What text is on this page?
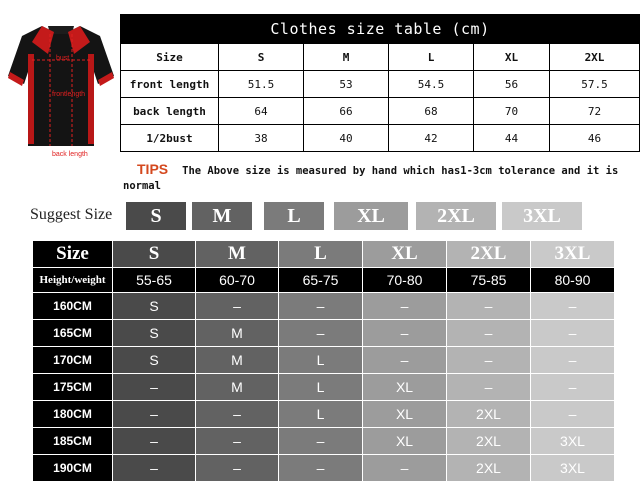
bust
frontlength
back length
Clothes size table (cm)					
Size	S	M	L	XL	2XL
front length	51.5	53	54.5	56	57.5
back length	64	66	68	70	72
1/2bust	38	40	42	44	46
TIPS The Above size is measured by hand which has1-3cm tolerance and it is normal
Suggest Size	S	M	L	XL	2XL	3XL
Size	S	M	L	XL	2XL	3XL
Height/weight	55-65	60-70	65-75	70-80	75-85	80-90
160CM	S	–	–	–	–	–
165CM	S	M	–	–	–	–
170CM	S	M	L	–	–	–
175CM	–	M	L	XL	–	–
180CM	–	–	L	XL	2XL	–
185CM	–	–	–	XL	2XL	3XL
190CM	–	–	–	–	2XL	3XL
